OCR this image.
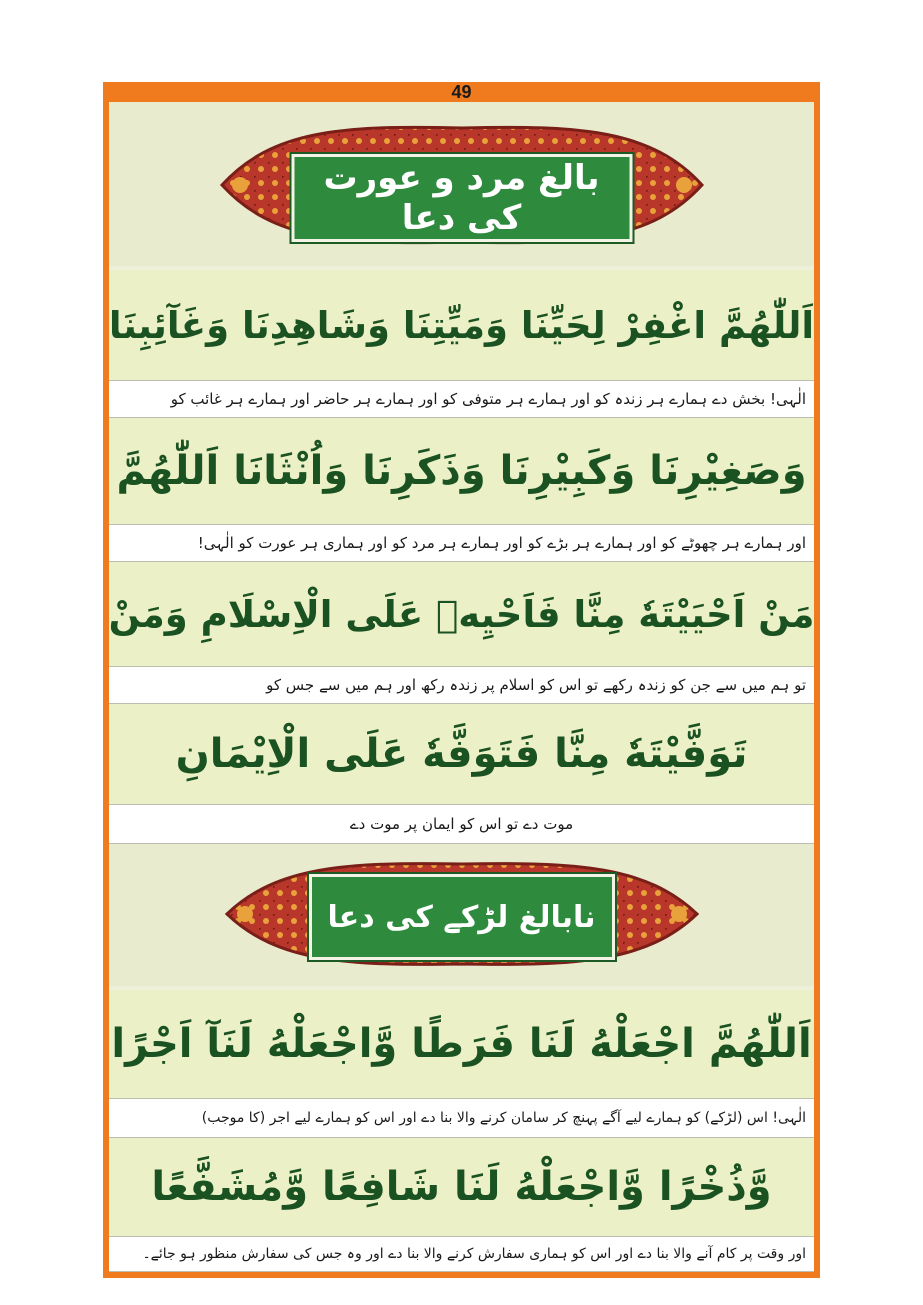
49
بالغ مرد و عورت کی دعا
اَللّٰھُمَّ اغْفِرْ لِحَیِّنَا وَمَیِّتِنَا وَشَاھِدِنَا وَغَآئِبِنَا
الٰہی! بخش دے ہمارے ہر زندہ کو اور ہمارے ہر متوفی کو اور ہمارے ہر حاضر اور ہمارے ہر غائب کو
وَصَغِیْرِنَا وَکَبِیْرِنَا وَذَکَرِنَا وَاُنْثَانَا اَللّٰھُمَّ
اور ہمارے ہر چھوٹے کو اور ہمارے ہر بڑے کو اور ہمارے ہر مرد کو اور ہماری ہر عورت کو الٰہی!
مَنْ اَحْیَیْتَهٗ مِنَّا فَاَحْیِهٖ عَلَی الْاِسْلَامِ وَمَنْ
تو ہم میں سے جن کو زندہ رکھے تو اس کو اسلام پر زندہ رکھ اور ہم میں سے جس کو
تَوَفَّیْتَهٗ مِنَّا فَتَوَفَّهٗ عَلَی الْاِیْمَانِ
موت دے تو اس کو ایمان پر موت دے
نابالغ لڑکے کی دعا
اَللّٰھُمَّ اجْعَلْهُ لَنَا فَرَطًا وَّاجْعَلْهُ لَنَآ اَجْرًا
الٰہی! اس (لڑکے) کو ہمارے لیے آگے پہنچ کر سامان کرنے والا بنا دے اور اس کو ہمارے لیے اجر (کا موجب)
وَّذُخْرًا وَّاجْعَلْهُ لَنَا شَافِعًا وَّمُشَفَّعًا
اور وقت پر کام آنے والا بنا دے اور اس کو ہماری سفارش کرنے والا بنا دے اور وہ جس کی سفارش منظور ہو جائے۔
